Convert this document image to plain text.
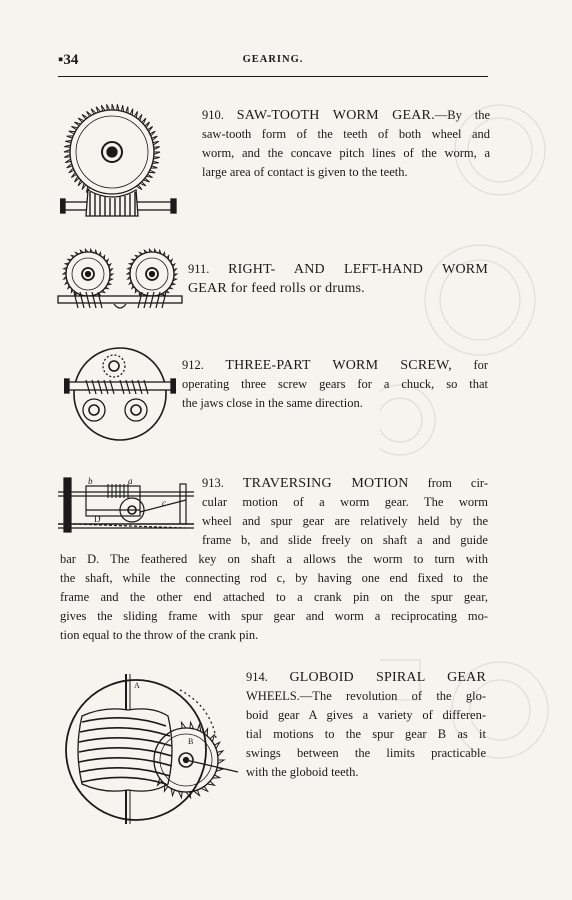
▪34	GEARING.
910. SAW-TOOTH WORM GEAR.—By the
saw-tooth form of the teeth of both wheel and
worm, and the concave pitch lines of the worm, a
large area of contact is given to the teeth.
911. RIGHT- AND LEFT-HAND WORM
GEAR for feed rolls or drums.
912. THREE-PART WORM SCREW, for
operating three screw gears for a chuck, so that
the jaws close in the same direction.
a
b
c
D
913. TRAVERSING MOTION from cir-
cular motion of a worm gear. The worm
wheel and spur gear are relatively held by the
frame b, and slide freely on shaft a and guide
bar D. The feathered key on shaft a allows the worm to turn with
the shaft, while the connecting rod c, by having one end fixed to the
frame and the other end attached to a crank pin on the spur gear,
gives the sliding frame with spur gear and worm a reciprocating mo-
tion equal to the throw of the crank pin.
A
B
914. GLOBOID SPIRAL GEAR
WHEELS.—The revolution of the glo-
boid gear A gives a variety of differen-
tial motions to the spur gear B as it
swings between the limits practicable
with the globoid teeth.
